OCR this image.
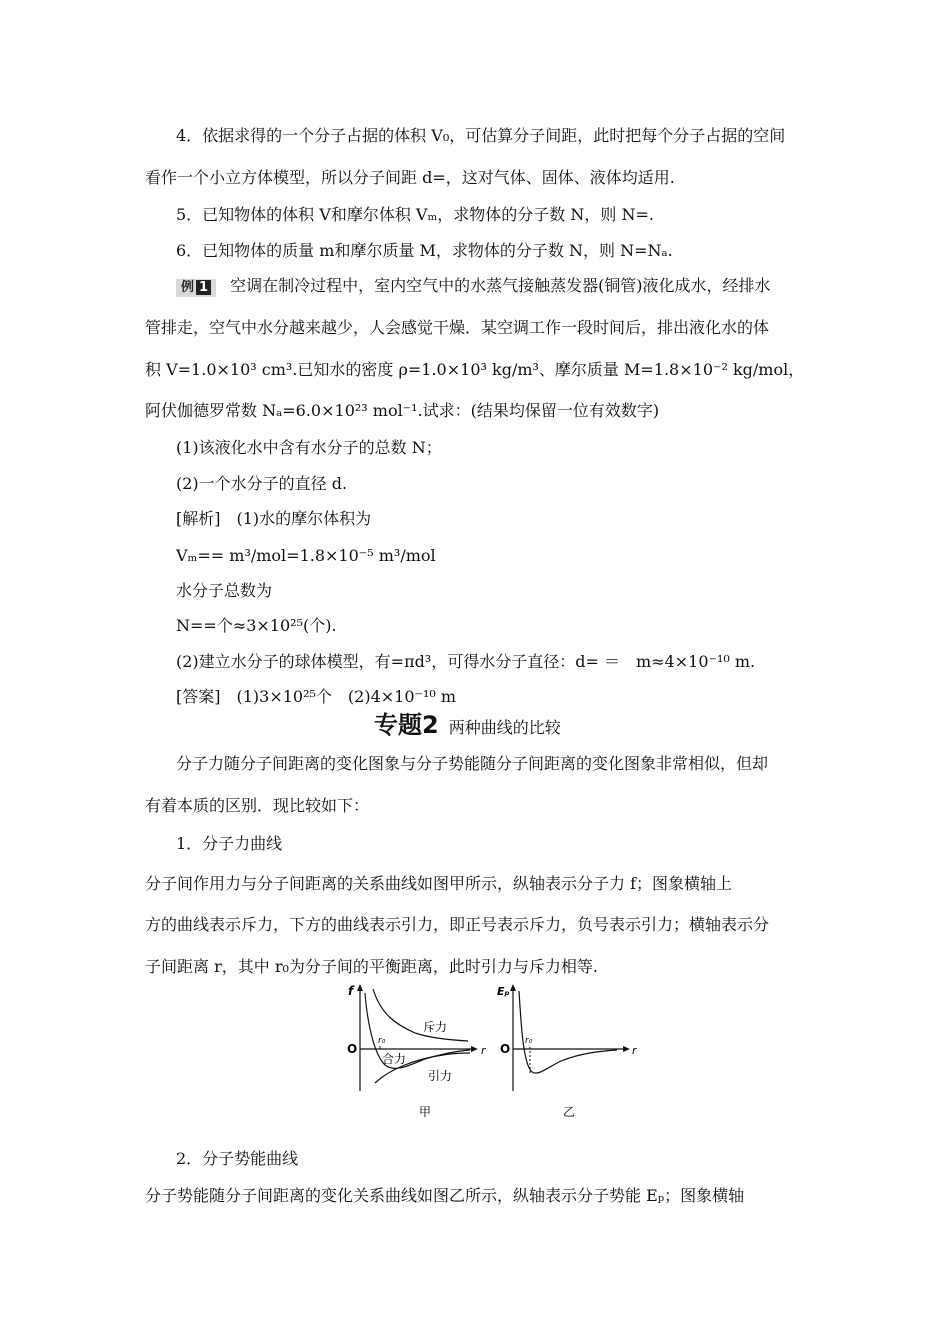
4．依据求得的一个分子占据的体积 V₀，可估算分子间距，此时把每个分子占据的空间
看作一个小立方体模型，所以分子间距 d=，这对气体、固体、液体均适用.
5．已知物体的体积 V和摩尔体积 Vₘ，求物体的分子数 N，则 N=.
6．已知物体的质量 m和摩尔质量 M，求物体的分子数 N，则 N=Nₐ.
例 1 空调在制冷过程中，室内空气中的水蒸气接触蒸发器(铜管)液化成水，经排水
管排走，空气中水分越来越少，人会感觉干燥．某空调工作一段时间后，排出液化水的体
积 V=1.0×10³ cm³.已知水的密度 ρ=1.0×10³ kg/m³、摩尔质量 M=1.8×10⁻² kg/mol，
阿伏伽德罗常数 Nₐ=6.0×10²³ mol⁻¹.试求：(结果均保留一位有效数字)
(1)该液化水中含有水分子的总数 N；
(2)一个水分子的直径 d.
[解析]　(1)水的摩尔体积为
Vₘ== m³/mol=1.8×10⁻⁵ m³/mol
水分子总数为
N==个≈3×10²⁵(个).
(2)建立水分子的球体模型，有=πd³，可得水分子直径：d= ＝　m≈4×10⁻¹⁰ m.
[答案]　(1)3×10²⁵个　(2)4×10⁻¹⁰ m
专题2 两种曲线的比较
分子力随分子间距离的变化图象与分子势能随分子间距离的变化图象非常相似，但却
有着本质的区别．现比较如下：
1．分子力曲线
分子间作用力与分子间距离的关系曲线如图甲所示，纵轴表示分子力 f；图象横轴上
方的曲线表示斥力，下方的曲线表示引力，即正号表示斥力，负号表示引力；横轴表示分
子间距离 r，其中 r₀为分子间的平衡距离，此时引力与斥力相等.
f
r
O
r₀
斥力
合力
引力
甲
Eₚ
r
O
r₀
乙
2．分子势能曲线
分子势能随分子间距离的变化关系曲线如图乙所示，纵轴表示分子势能 Eₚ；图象横轴
